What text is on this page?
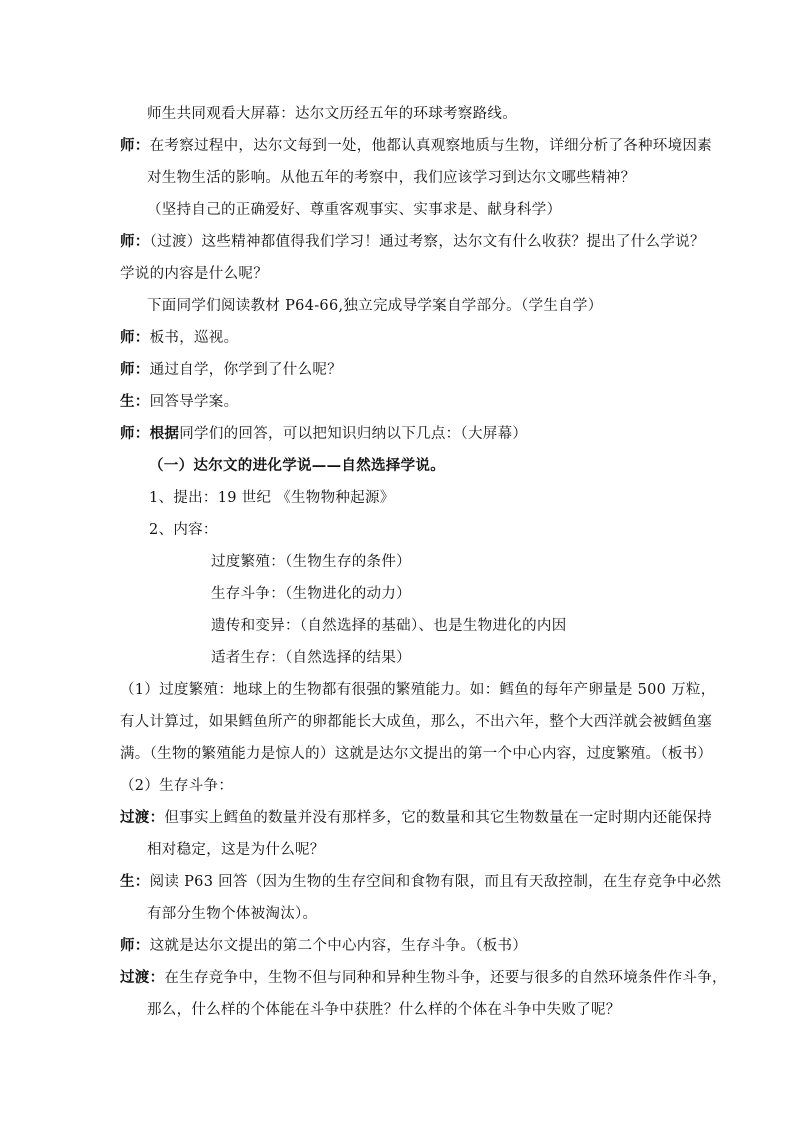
师生共同观看大屏幕：达尔文历经五年的环球考察路线。
师：在考察过程中，达尔文每到一处，他都认真观察地质与生物，详细分析了各种环境因素
对生物生活的影响。从他五年的考察中，我们应该学习到达尔文哪些精神？
（坚持自己的正确爱好、尊重客观事实、实事求是、献身科学）
师：（过渡）这些精神都值得我们学习！通过考察，达尔文有什么收获？提出了什么学说？
学说的内容是什么呢？
下面同学们阅读教材 P64-66,独立完成导学案自学部分。（学生自学）
师：板书，巡视。
师：通过自学，你学到了什么呢？
生：回答导学案。
师：根据同学们的回答，可以把知识归纳以下几点：（大屏幕）
（一）达尔文的进化学说——自然选择学说。
1、提出：19 世纪 《生物物种起源》
2、内容：
过度繁殖：（生物生存的条件）
生存斗争：（生物进化的动力）
遗传和变异：（自然选择的基础）、也是生物进化的内因
适者生存：（自然选择的结果）
（1）过度繁殖：地球上的生物都有很强的繁殖能力。如：鳕鱼的每年产卵量是 500 万粒，
有人计算过，如果鳕鱼所产的卵都能长大成鱼，那么，不出六年，整个大西洋就会被鳕鱼塞
满。（生物的繁殖能力是惊人的）这就是达尔文提出的第一个中心内容，过度繁殖。（板书）
（2）生存斗争：
过渡：但事实上鳕鱼的数量并没有那样多，它的数量和其它生物数量在一定时期内还能保持
相对稳定，这是为什么呢？
生：阅读 P63 回答（因为生物的生存空间和食物有限，而且有天敌控制，在生存竞争中必然
有部分生物个体被淘汰）。
师：这就是达尔文提出的第二个中心内容，生存斗争。（板书）
过渡：在生存竞争中，生物不但与同种和异种生物斗争，还要与很多的自然环境条件作斗争，
那么，什么样的个体能在斗争中获胜？什么样的个体在斗争中失败了呢？
